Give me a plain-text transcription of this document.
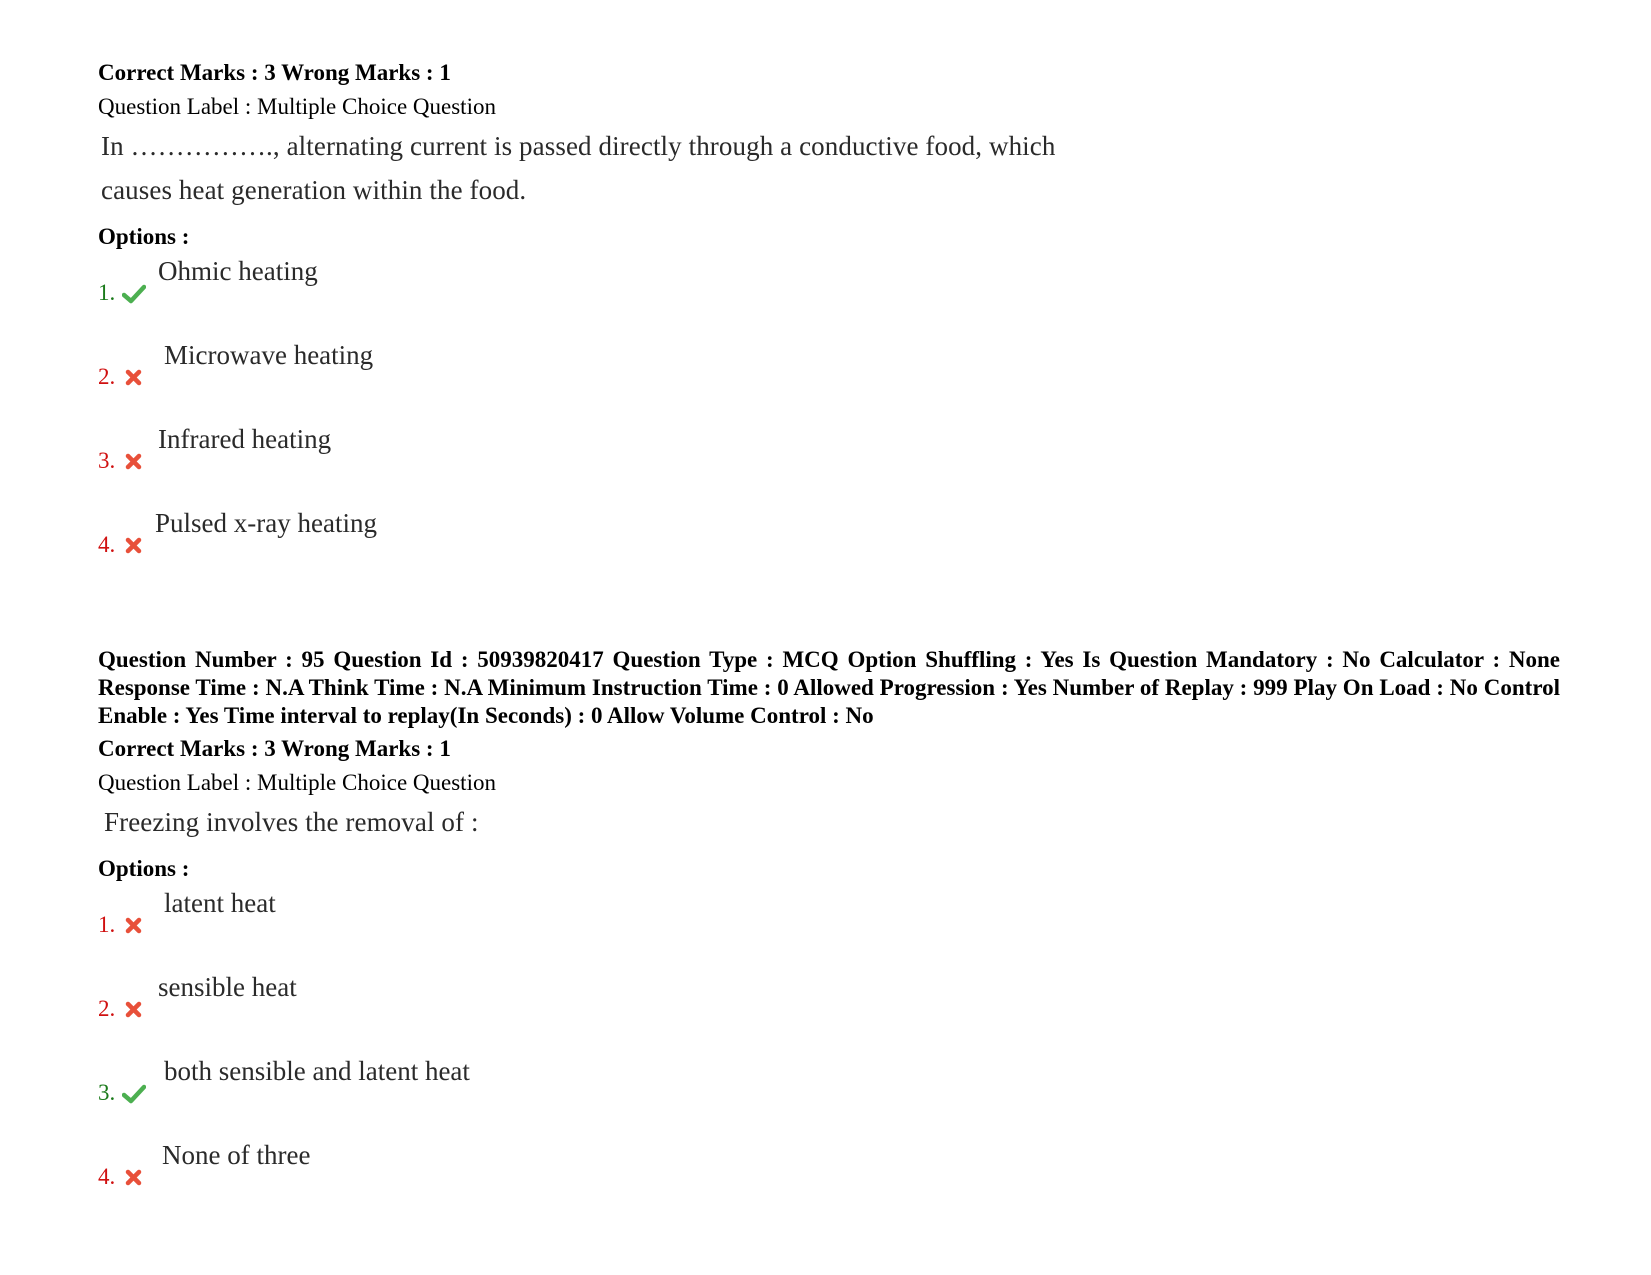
Correct Marks : 3 Wrong Marks : 1

Question Label : Multiple Choice Question

In ……………., alternating current is passed directly through a conductive food, which
causes heat generation within the food.

Options :

1.
Ohmic heating
2.
Microwave heating
3.
Infrared heating
4.
Pulsed x-ray heating

Question Number : 95 Question Id : 50939820417 Question Type : MCQ Option Shuffling : Yes Is Question Mandatory : No Calculator : None Response Time : N.A Think Time : N.A Minimum Instruction Time : 0 Allowed Progression : Yes Number of Replay : 999 Play On Load : No Control Enable : Yes Time interval to replay(In Seconds) : 0 Allow Volume Control : No

Correct Marks : 3 Wrong Marks : 1

Question Label : Multiple Choice Question

Freezing involves the removal of :

Options :

1.
latent heat
2.
sensible heat
3.
both sensible and latent heat
4.
None of three
